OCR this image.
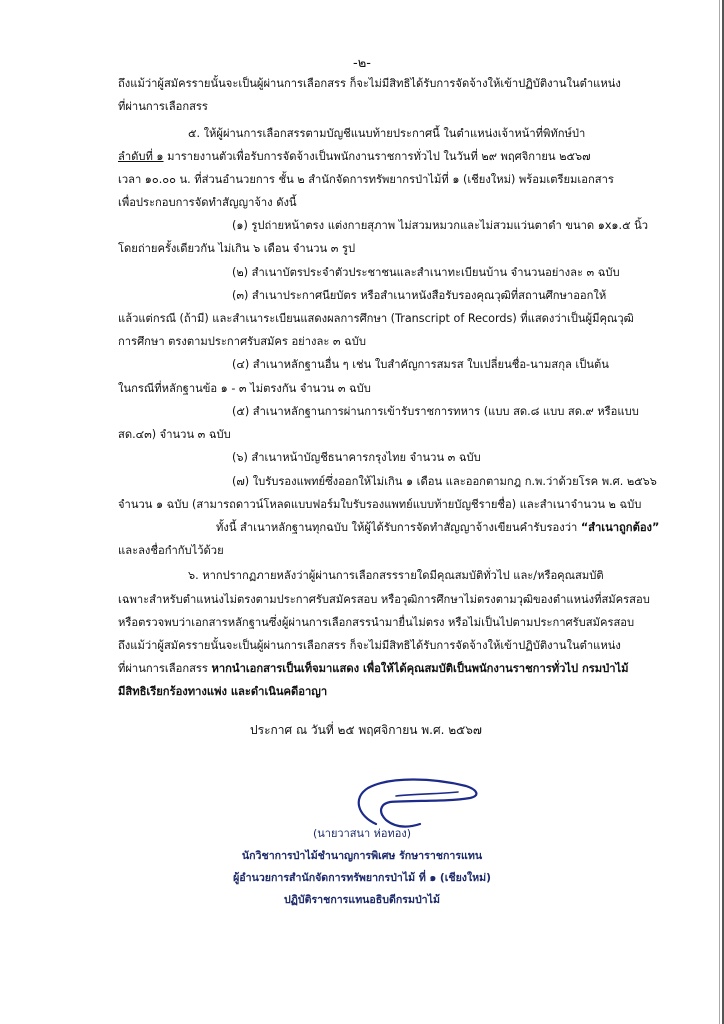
-๒-
ถึงแม้ว่าผู้สมัครรายนั้นจะเป็นผู้ผ่านการเลือกสรร ก็จะไม่มีสิทธิได้รับการจัดจ้างให้เข้าปฏิบัติงานในตำแหน่ง
ที่ผ่านการเลือกสรร
๕. ให้ผู้ผ่านการเลือกสรรตามบัญชีแนบท้ายประกาศนี้ ในตำแหน่งเจ้าหน้าที่พิทักษ์ป่า
ลำดับที่ ๑ มารายงานตัวเพื่อรับการจัดจ้างเป็นพนักงานราชการทั่วไป ในวันที่ ๒๙ พฤศจิกายน ๒๕๖๗
เวลา ๑๐.๐๐ น. ที่ส่วนอำนวยการ ชั้น ๒ สำนักจัดการทรัพยากรป่าไม้ที่ ๑ (เชียงใหม่) พร้อมเตรียมเอกสาร
เพื่อประกอบการจัดทำสัญญาจ้าง ดังนี้
(๑) รูปถ่ายหน้าตรง แต่งกายสุภาพ ไม่สวมหมวกและไม่สวมแว่นตาดำ ขนาด ๑x๑.๕ นิ้ว
โดยถ่ายครั้งเดียวกัน ไม่เกิน ๖ เดือน จำนวน ๓ รูป
(๒) สำเนาบัตรประจำตัวประชาชนและสำเนาทะเบียนบ้าน จำนวนอย่างละ ๓ ฉบับ
(๓) สำเนาประกาศนียบัตร หรือสำเนาหนังสือรับรองคุณวุฒิที่สถานศึกษาออกให้
แล้วแต่กรณี (ถ้ามี) และสำเนาระเบียนแสดงผลการศึกษา (Transcript of Records) ที่แสดงว่าเป็นผู้มีคุณวุฒิ
การศึกษา ตรงตามประกาศรับสมัคร อย่างละ ๓ ฉบับ
(๔) สำเนาหลักฐานอื่น ๆ เช่น ใบสำคัญการสมรส ใบเปลี่ยนชื่อ-นามสกุล เป็นต้น
ในกรณีที่หลักฐานข้อ ๑ - ๓ ไม่ตรงกัน จำนวน ๓ ฉบับ
(๕) สำเนาหลักฐานการผ่านการเข้ารับราชการทหาร (แบบ สด.๘ แบบ สด.๙ หรือแบบ
สด.๔๓) จำนวน ๓ ฉบับ
(๖) สำเนาหน้าบัญชีธนาคารกรุงไทย จำนวน ๓ ฉบับ
(๗) ใบรับรองแพทย์ซึ่งออกให้ไม่เกิน ๑ เดือน และออกตามกฎ ก.พ.ว่าด้วยโรค พ.ศ. ๒๕๖๖
จำนวน ๑ ฉบับ (สามารถดาวน์โหลดแบบฟอร์มใบรับรองแพทย์แบบท้ายบัญชีรายชื่อ) และสำเนาจำนวน ๒ ฉบับ
ทั้งนี้ สำเนาหลักฐานทุกฉบับ ให้ผู้ได้รับการจัดทำสัญญาจ้างเขียนคำรับรองว่า “สำเนาถูกต้อง”
และลงชื่อกำกับไว้ด้วย
๖. หากปรากฏภายหลังว่าผู้ผ่านการเลือกสรรรายใดมีคุณสมบัติทั่วไป และ/หรือคุณสมบัติ
เฉพาะสำหรับตำแหน่งไม่ตรงตามประกาศรับสมัครสอบ หรือวุฒิการศึกษาไม่ตรงตามวุฒิของตำแหน่งที่สมัครสอบ
หรือตรวจพบว่าเอกสารหลักฐานซึ่งผู้ผ่านการเลือกสรรนำมายื่นไม่ตรง หรือไม่เป็นไปตามประกาศรับสมัครสอบ
ถึงแม้ว่าผู้สมัครรายนั้นจะเป็นผู้ผ่านการเลือกสรร ก็จะไม่มีสิทธิได้รับการจัดจ้างให้เข้าปฏิบัติงานในตำแหน่ง
ที่ผ่านการเลือกสรร หากนำเอกสารเป็นเท็จมาแสดง เพื่อให้ได้คุณสมบัติเป็นพนักงานราชการทั่วไป กรมป่าไม้
มีสิทธิเรียกร้องทางแพ่ง และดำเนินคดีอาญา
ประกาศ ณ วันที่ ๒๕ พฤศจิกายน พ.ศ. ๒๕๖๗
(นายวาสนา ห่อทอง)
นักวิชาการป่าไม้ชำนาญการพิเศษ รักษาราชการแทน
ผู้อำนวยการสำนักจัดการทรัพยากรป่าไม้ ที่ ๑ (เชียงใหม่)
ปฏิบัติราชการแทนอธิบดีกรมป่าไม้
